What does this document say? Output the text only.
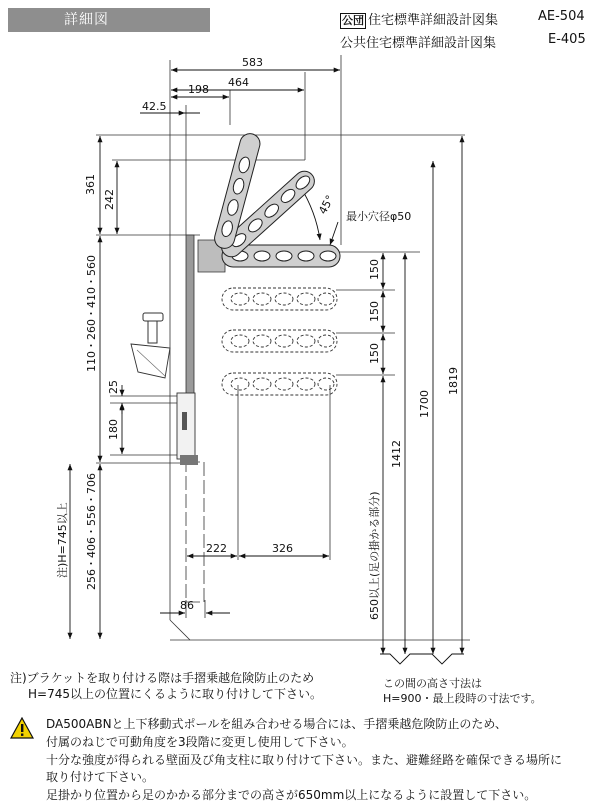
詳細図	公団 住宅標準詳細設計図集	AE-504
公共住宅標準詳細設計図集	E-405
583
464
198
42.5
361
242	45°
最小穴径φ50
150
150
150
110・260・410・560
25
180
注)H=745以上 256・406・556・706	222	326
86	650以上(足の掛かる部分)
1412
1700
1819
この間の高さ寸法は
H=900・最上段時の寸法です。
注)ブラケットを取り付ける際は手摺乗越危険防止のため
H=745以上の位置にくるように取り付けして下さい。
DA500ABNと上下移動式ポールを組み合わせる場合には、手摺乗越危険防止のため、
付属のねじで可動角度を3段階に変更し使用して下さい。
十分な強度が得られる壁面及び角支柱に取り付けて下さい。また、避難経路を確保できる場所に
取り付けて下さい。
足掛かり位置から足のかかる部分までの高さが650mm以上になるように設置して下さい。
